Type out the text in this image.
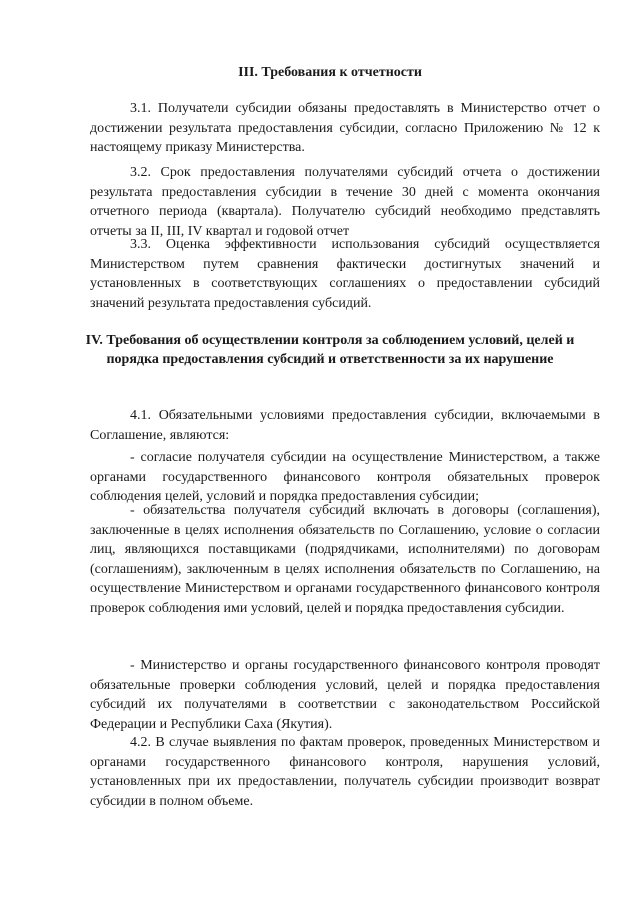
III. Требования к отчетности

3.1. Получатели субсидии обязаны предоставлять в Министерство отчет о достижении результата предоставления субсидии, согласно Приложению № 12 к настоящему приказу Министерства.

3.2. Срок предоставления получателями субсидий отчета о достижении результата предоставления субсидии в течение 30 дней с момента окончания отчетного периода (квартала). Получателю субсидий необходимо представлять отчеты за II, III, IV квартал и годовой отчет

3.3. Оценка эффективности использования субсидий осуществляется Министерством путем сравнения фактически достигнутых значений и установленных в соответствующих соглашениях о предоставлении субсидий значений результата предоставления субсидий.

IV. Требования об осуществлении контроля за соблюдением условий, целей и порядка предоставления субсидий и ответственности за их нарушение

4.1. Обязательными условиями предоставления субсидии, включаемыми в Соглашение, являются:

- согласие получателя субсидии на осуществление Министерством, а также органами государственного финансового контроля обязательных проверок соблюдения целей, условий и порядка предоставления субсидии;

- обязательства получателя субсидий включать в договоры (соглашения), заключенные в целях исполнения обязательств по Соглашению, условие о согласии лиц, являющихся поставщиками (подрядчиками, исполнителями) по договорам (соглашениям), заключенным в целях исполнения обязательств по Соглашению, на осуществление Министерством и органами государственного финансового контроля проверок соблюдения ими условий, целей и порядка предоставления субсидии.

- Министерство и органы государственного финансового контроля проводят обязательные проверки соблюдения условий, целей и порядка предоставления субсидий их получателями в соответствии с законодательством Российской Федерации и Республики Саха (Якутия).

4.2. В случае выявления по фактам проверок, проведенных Министерством и органами государственного финансового контроля, нарушения условий, установленных при их предоставлении, получатель субсидии производит возврат субсидии в полном объеме.
